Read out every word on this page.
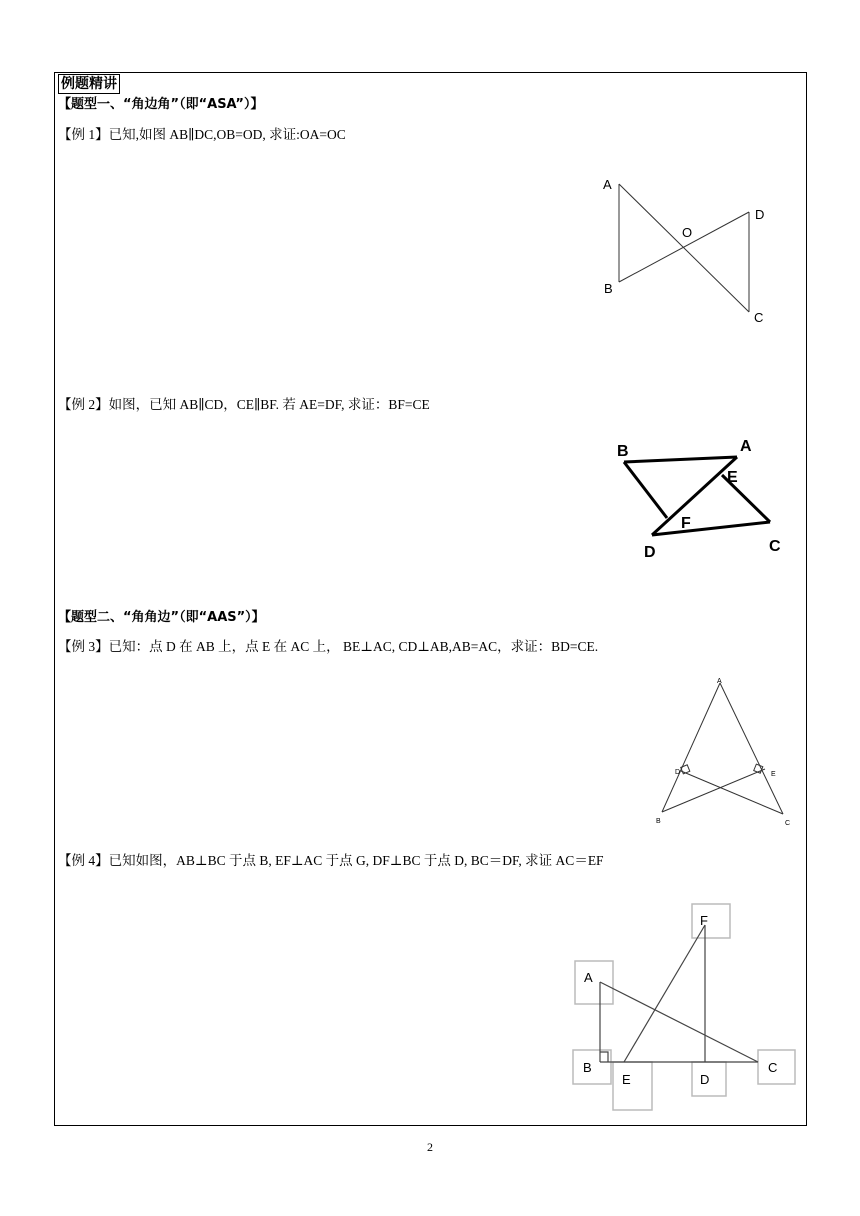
例题精讲
【题型一、“角边角”（即“ASA”）】
【例 1】已知,如图 AB∥DC,OB=OD, 求证:OA=OC
A
B
C
D
O
【例 2】如图，已知 AB∥CD，CE∥BF. 若 AE=DF, 求证：BF=CE
B	A
E
F
D	C
【题型二、“角角边”（即“AAS”）】
【例 3】已知：点 D 在 AB 上，点 E 在 AC 上， BE⊥AC, CD⊥AB,AB=AC，求证：BD=CE.
A
B	C
D	E
【例 4】已知如图，AB⊥BC 于点 B, EF⊥AC 于点 G, DF⊥BC 于点 D, BC＝DF, 求证 AC＝EF
F
A
B
E	D
C
2
